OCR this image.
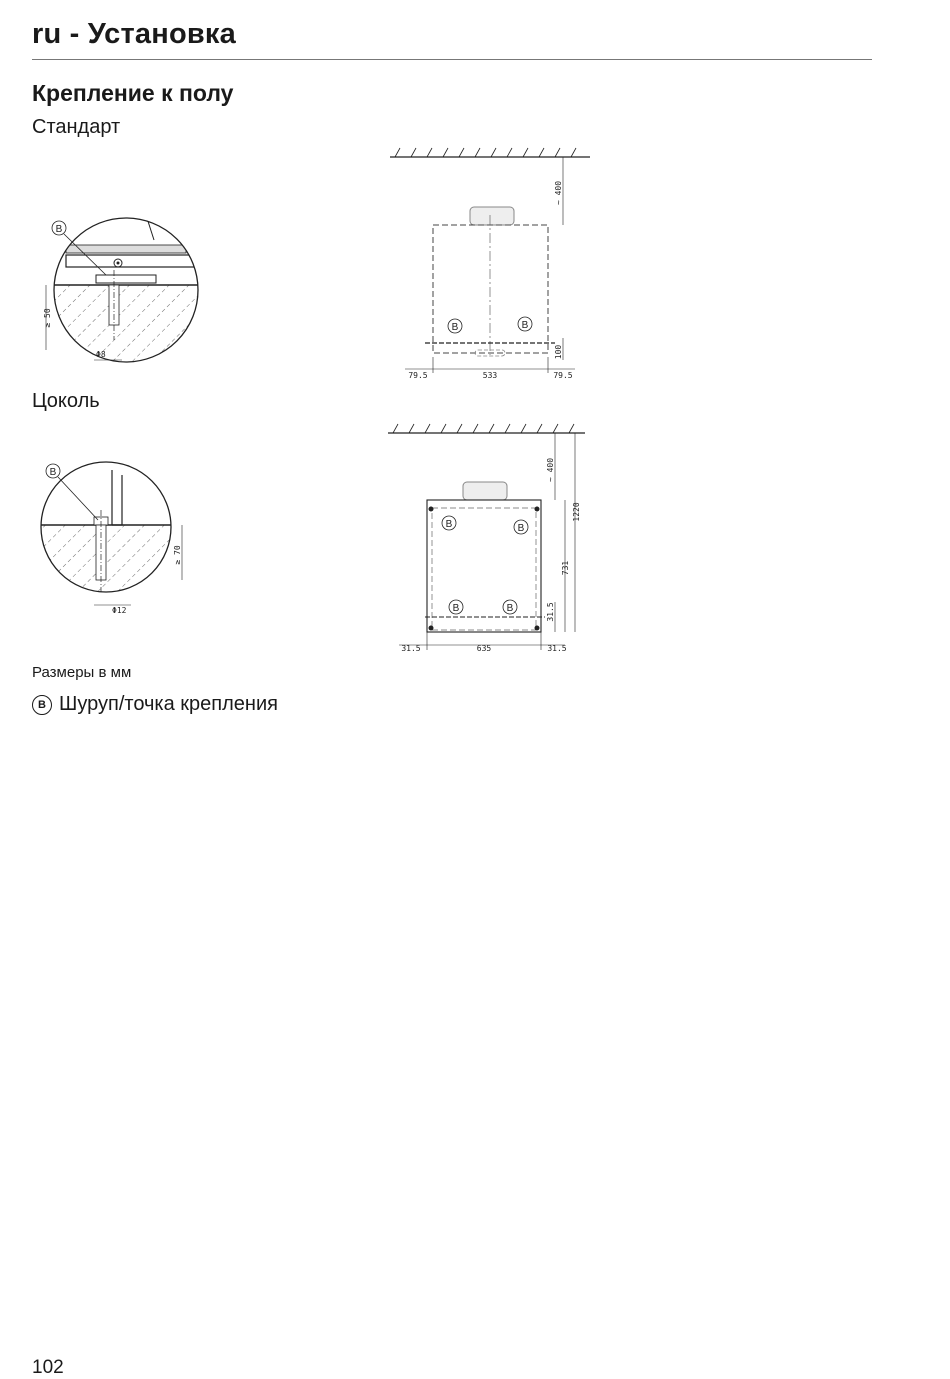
ru - Установка
Крепление к полу
Стандарт
B
≥ 50
Φ8
B	B
~ 400
100
79.5	533	79.5
Цоколь
B
≥ 70
Φ12
B	B
B	B
~ 400
1220
731
31.5
31.5	635	31.5
Размеры в мм
B Шуруп/точка крепления
102
